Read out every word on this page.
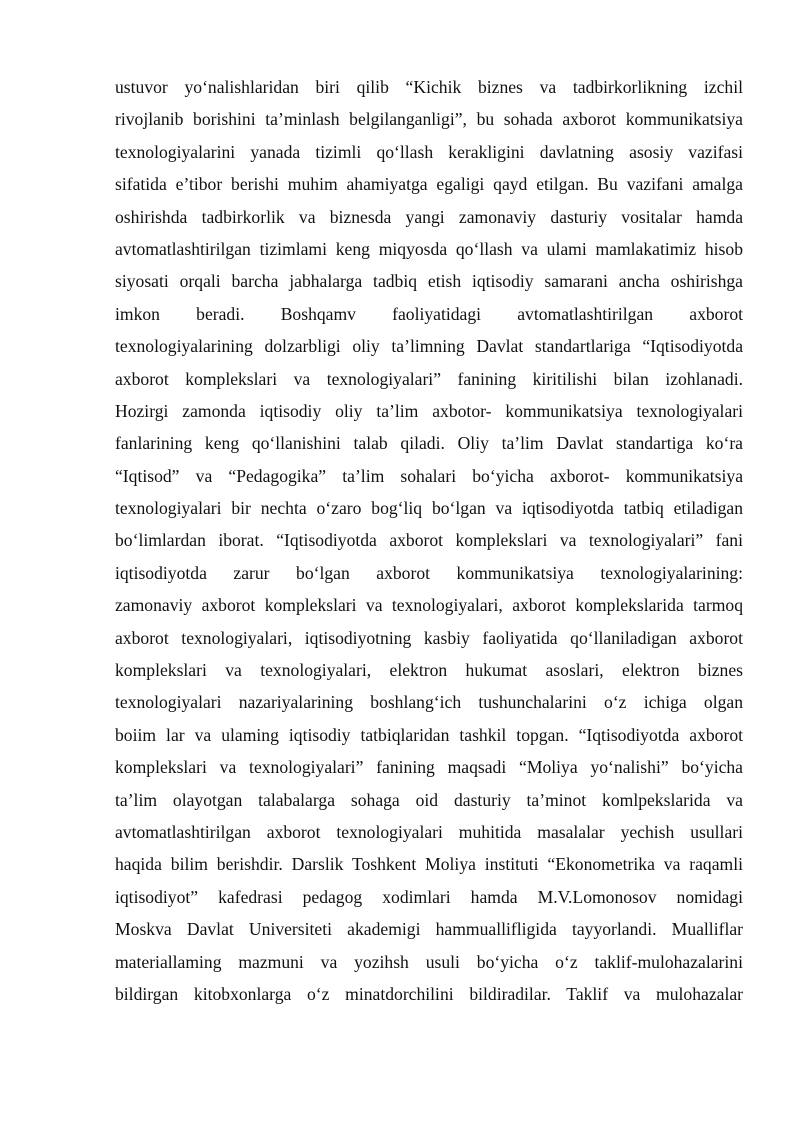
ustuvor yo‘nalishlaridan biri qilib “Kichik biznes va tadbirkorlikning izchil
rivojlanib borishini ta’minlash belgilanganligi”, bu sohada axborot kommunikatsiya
texnologiyalarini yanada tizimli qo‘llash kerakligini davlatning asosiy vazifasi
sifatida e’tibor berishi muhim ahamiyatga egaligi qayd etilgan. Bu vazifani amalga
oshirishda tadbirkorlik va biznesda yangi zamonaviy dasturiy vositalar hamda
avtomatlashtirilgan tizimlami keng miqyosda qo‘llash va ulami mamlakatimiz hisob
siyosati orqali barcha jabhalarga tadbiq etish iqtisodiy samarani ancha oshirishga
imkon beradi. Boshqamv faoliyatidagi avtomatlashtirilgan axborot
texnologiyalarining dolzarbligi oliy ta’limning Davlat standartlariga “Iqtisodiyotda
axborot komplekslari va texnologiyalari” fanining kiritilishi bilan izohlanadi.
Hozirgi zamonda iqtisodiy oliy ta’lim axbotor- kommunikatsiya texnologiyalari
fanlarining keng qo‘llanishini talab qiladi. Oliy ta’lim Davlat standartiga ko‘ra
“Iqtisod” va “Pedagogika” ta’lim sohalari bo‘yicha axborot- kommunikatsiya
texnologiyalari bir nechta o‘zaro bog‘liq bo‘lgan va iqtisodiyotda tatbiq etiladigan
bo‘limlardan iborat. “Iqtisodiyotda axborot komplekslari va texnologiyalari” fani
iqtisodiyotda zarur bo‘lgan axborot kommunikatsiya texnologiyalarining:
zamonaviy axborot komplekslari va texnologiyalari, axborot komplekslarida tarmoq
axborot texnologiyalari, iqtisodiyotning kasbiy faoliyatida qo‘llaniladigan axborot
komplekslari va texnologiyalari, elektron hukumat asoslari, elektron biznes
texnologiyalari nazariyalarining boshlang‘ich tushunchalarini o‘z ichiga olgan
boiim lar va ulaming iqtisodiy tatbiqlaridan tashkil topgan. “Iqtisodiyotda axborot
komplekslari va texnologiyalari” fanining maqsadi “Moliya yo‘nalishi” bo‘yicha
ta’lim olayotgan talabalarga sohaga oid dasturiy ta’minot komlpekslarida va
avtomatlashtirilgan axborot texnologiyalari muhitida masalalar yechish usullari
haqida bilim berishdir. Darslik Toshkent Moliya instituti “Ekonometrika va raqamli
iqtisodiyot” kafedrasi pedagog xodimlari hamda M.V.Lomonosov nomidagi
Moskva Davlat Universiteti akademigi hammuallifligida tayyorlandi. Mualliflar
materiallaming mazmuni va yozihsh usuli bo‘yicha o‘z taklif-mulohazalarini
bildirgan kitobxonlarga o‘z minatdorchilini bildiradilar. Taklif va mulohazalar
